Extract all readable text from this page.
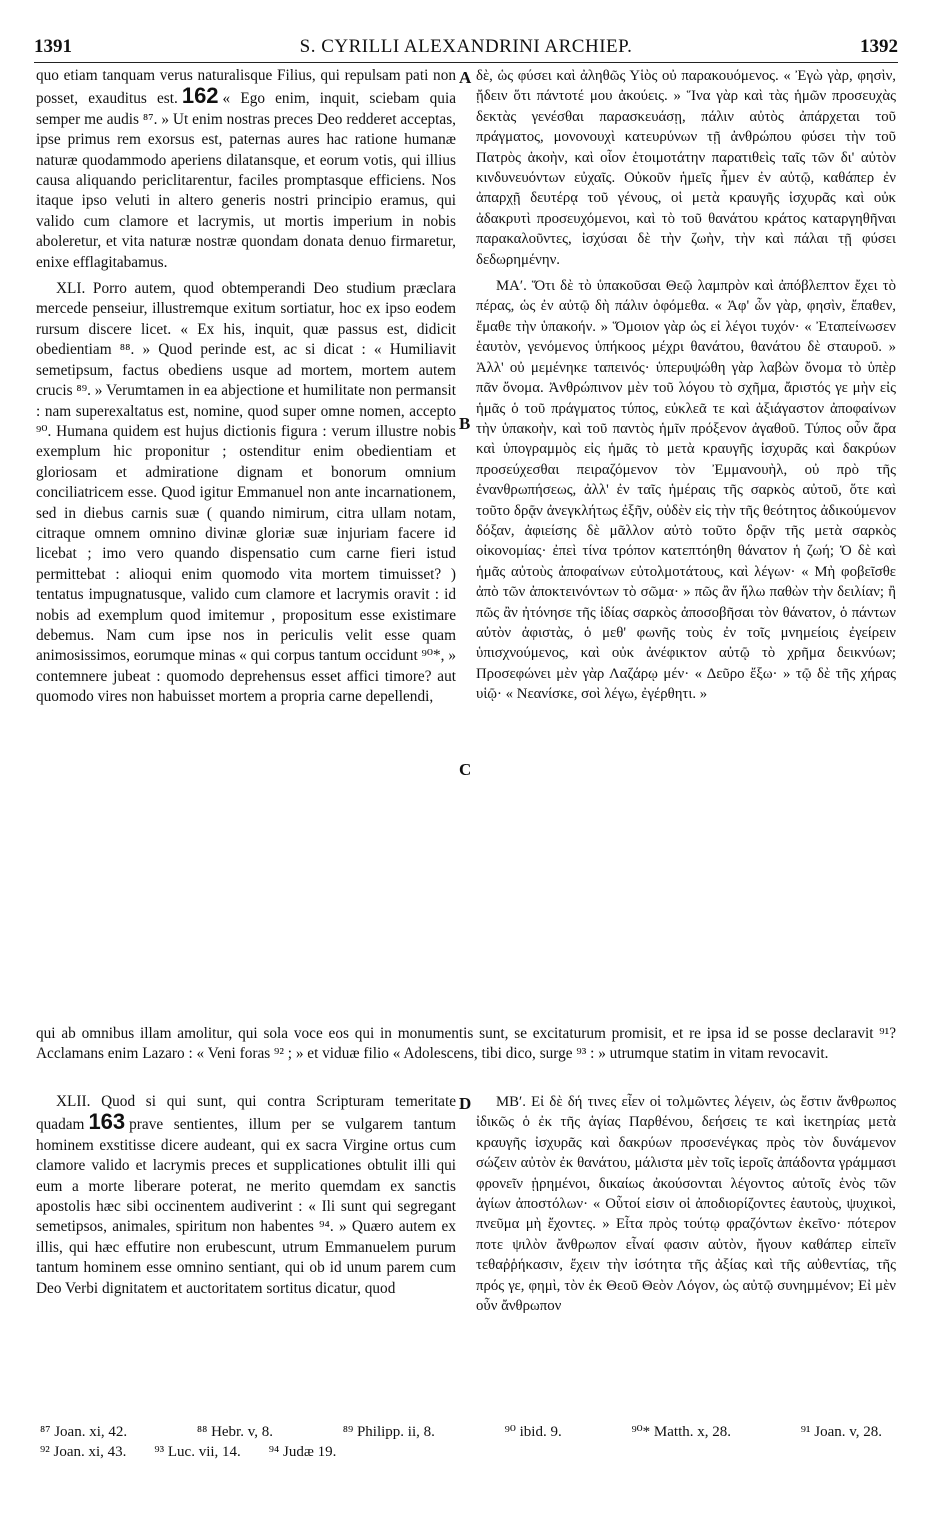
1391	S. CYRILLI ALEXANDRINI ARCHIEP.	1392

quo etiam tanquam verus naturalisque Filius, qui repulsam pati non posset, exauditus est. 162 « Ego enim, inquit, sciebam quia semper me audis ⁸⁷. » Ut enim nostras preces Deo redderet acceptas, ipse primus rem exorsus est, paternas aures hac ratione humanæ naturæ quodammodo aperiens dilatansque, et eorum votis, qui illius causa aliquando periclitarentur, faciles promptasque efficiens. Nos itaque ipso veluti in altero generis nostri principio eramus, qui valido cum clamore et lacrymis, ut mortis imperium in nobis aboleretur, et vita naturæ nostræ quondam donata denuo firmaretur, enixe efflagitabamus.

XLI. Porro autem, quod obtemperandi Deo studium præclara mercede penseiur, illustremque exitum sortiatur, hoc ex ipso eodem rursum discere licet. « Ex his, inquit, quæ passus est, didicit obedientiam ⁸⁸. » Quod perinde est, ac si dicat : « Humiliavit semetipsum, factus obediens usque ad mortem, mortem autem crucis ⁸⁹. » Verumtamen in ea abjectione et humilitate non permansit : nam superexaltatus est, nomine, quod super omne nomen, accepto ⁹⁰. Humana quidem est hujus dictionis figura : verum illustre nobis exemplum hic proponitur ; ostenditur enim obedientiam et gloriosam et admiratione dignam et bonorum omnium conciliatricem esse. Quod igitur Emmanuel non ante incarnationem, sed in diebus carnis suæ ( quando nimirum, citra ullam notam, citraque omnem omnino divinæ gloriæ suæ injuriam facere id licebat ; imo vero quando dispensatio cum carne fieri istud permittebat : alioqui enim quomodo vita mortem timuisset? ) tentatus impugnatusque, valido cum clamore et lacrymis oravit : id nobis ad exemplum quod imitemur , propositum esse existimare debemus. Nam cum ipse nos in periculis velit esse quam animosissimos, eorumque minas « qui corpus tantum occidunt ⁹⁰*, » contemnere jubeat : quomodo deprehensus esset affici timore? aut quomodo vires non habuisset mortem a propria carne depellendi,

δὲ, ὡς φύσει καὶ ἀληθῶς Υἱὸς οὐ παρακουόμενος. « Ἐγὼ γὰρ, φησὶν, ᾔδειν ὅτι πάντοτέ μου ἀκούεις. » Ἵνα γὰρ καὶ τὰς ἡμῶν προσευχὰς δεκτὰς γενέσθαι παρασκευάσῃ, πάλιν αὐτὸς ἀπάρχεται τοῦ πράγματος, μονονουχὶ κατευρύνων τῇ ἀνθρώπου φύσει τὴν τοῦ Πατρὸς ἀκοὴν, καὶ οἷον ἑτοιμοτάτην παρατιθεὶς ταῖς τῶν δι' αὐτὸν κινδυνευόντων εὐχαῖς. Οὐκοῦν ἡμεῖς ἦμεν ἐν αὐτῷ, καθάπερ ἐν ἀπαρχῇ δευτέρᾳ τοῦ γένους, οἱ μετὰ κραυγῆς ἰσχυρᾶς καὶ οὐκ ἀδακρυτὶ προσευχόμενοι, καὶ τὸ τοῦ θανάτου κράτος καταργηθῆναι παρακαλοῦντες, ἰσχύσαι δὲ τὴν ζωὴν, τὴν καὶ πάλαι τῇ φύσει δεδωρημένην.

ΜΑʹ. Ὅτι δὲ τὸ ὑπακοῦσαι Θεῷ λαμπρὸν καὶ ἀπόβλεπτον ἔχει τὸ πέρας, ὡς ἐν αὐτῷ δὴ πάλιν ὀφόμεθα. « Ἀφ' ὧν γὰρ, φησὶν, ἔπαθεν, ἔμαθε τὴν ὑπακοήν. » Ὅμοιον γὰρ ὡς εἰ λέγοι τυχόν· « Ἐταπείνωσεν ἑαυτὸν, γενόμενος ὑπήκοος μέχρι θανάτου, θανάτου δὲ σταυροῦ. » Ἀλλ' οὐ μεμένηκε ταπεινός· ὑπερυψώθη γὰρ λαβὼν ὄνομα τὸ ὑπὲρ πᾶν ὄνομα. Ἀνθρώπινον μὲν τοῦ λόγου τὸ σχῆμα, ἄριστός γε μὴν εἰς ἡμᾶς ὁ τοῦ πράγματος τύπος, εὐκλεᾶ τε καὶ ἀξιάγαστον ἀποφαίνων τὴν ὑπακοὴν, καὶ τοῦ παντὸς ἡμῖν πρόξενον ἀγαθοῦ. Τύπος οὖν ἄρα καὶ ὑπογραμμὸς εἰς ἡμᾶς τὸ μετὰ κραυγῆς ἰσχυρᾶς καὶ δακρύων προσεύχεσθαι πειραζόμενον τὸν Ἐμμανουὴλ, οὐ πρὸ τῆς ἐνανθρωπήσεως, ἀλλ' ἐν ταῖς ἡμέραις τῆς σαρκὸς αὐτοῦ, ὅτε καὶ τοῦτο δρᾷν ἀνεγκλήτως ἐξῆν, οὐδὲν εἰς τὴν τῆς θεότητος ἀδικούμενον δόξαν, ἀφιείσης δὲ μᾶλλον αὐτὸ τοῦτο δρᾷν τῆς μετὰ σαρκὸς οἰκονομίας· ἐπεὶ τίνα τρόπον κατεπτόηθη θάνατον ἡ ζωή; Ὁ δὲ καὶ ἡμᾶς αὐτοὺς ἀποφαίνων εὐτολμοτάτους, καὶ λέγων· « Μὴ φοβεῖσθε ἀπὸ τῶν ἀποκτεινόντων τὸ σῶμα· » πῶς ἂν ἥλω παθὼν τὴν δειλίαν; ἢ πῶς ἂν ἠτόνησε τῆς ἰδίας σαρκὸς ἀποσοβῆσαι τὸν θάνατον, ὁ πάντων αὐτὸν ἀφιστὰς, ὁ μεθ' φωνῆς τοὺς ἐν τοῖς μνημείοις ἐγείρειν ὑπισχνούμενος, καὶ οὐκ ἀνέφικτον αὐτῷ τὸ χρῆμα δεικνύων; Προσεφώνει μὲν γὰρ Λαζάρῳ μέν· « Δεῦρο ἔξω· » τῷ δὲ τῆς χήρας υἱῷ· « Νεανίσκε, σοὶ λέγω, ἐγέρθητι. »

A
B
C
D
qui ab omnibus illam amolitur, qui sola voce eos qui in monumentis sunt, se excitaturum promisit, et re ipsa id se posse declaravit ⁹¹? Acclamans enim Lazaro : « Veni foras ⁹² ; » et viduæ filio « Adolescens, tibi dico, surge ⁹³ : » utrumque statim in vitam revocavit.

XLII. Quod si qui sunt, qui contra Scripturam temeritate quadam 163 prave sentientes, illum per se vulgarem tantum hominem exstitisse dicere audeant, qui ex sacra Virgine ortus cum clamore valido et lacrymis preces et supplicationes obtulit illi qui eum a morte liberare poterat, ne merito quemdam ex sanctis apostolis hæc sibi occinentem audiverint : « Ili sunt qui segregant semetipsos, animales, spiritum non habentes ⁹⁴. » Quæro autem ex illis, qui hæc effutire non erubescunt, utrum Emmanuelem purum tantum hominem esse omnino sentiant, qui ob id unum parem cum Deo Verbi dignitatem et auctoritatem sortitus dicatur, quod

ΜΒʹ. Εἰ δὲ δή τινες εἶεν οἱ τολμῶντες λέγειν, ὡς ἔστιν ἄνθρωπος ἰδικῶς ὁ ἐκ τῆς ἁγίας Παρθένου, δεήσεις τε καὶ ἱκετηρίας μετὰ κραυγῆς ἰσχυρᾶς καὶ δακρύων προσενέγκας πρὸς τὸν δυνάμενον σώζειν αὐτὸν ἐκ θανάτου, μάλιστα μὲν τοῖς ἱεροῖς ἀπάδοντα γράμμασι φρονεῖν ᾑρημένοι, δικαίως ἀκούσονται λέγοντος αὐτοῖς ἑνὸς τῶν ἁγίων ἀποστόλων· « Οὗτοί εἰσιν οἱ ἀποδιορίζοντες ἑαυτοὺς, ψυχικοὶ, πνεῦμα μὴ ἔχοντες. » Εἶτα πρὸς τούτῳ φραζόντων ἐκεῖνο· πότερον ποτε ψιλὸν ἄνθρωπον εἶναί φασιν αὐτὸν, ἤγουν καθάπερ εἰπεῖν τεθαῤῥήκασιν, ἔχειν τὴν ἰσότητα τῆς ἀξίας καὶ τῆς αὐθεντίας, τῆς πρός γε, φημὶ, τὸν ἐκ Θεοῦ Θεὸν Λόγον, ὡς αὐτῷ συνημμένον; Εἰ μὲν οὖν ἄνθρωπον

⁸⁷ Joan. xi, 42.	⁸⁸ Hebr. v, 8.	⁸⁹ Philipp. ii, 8.	⁹⁰ ibid. 9.	⁹⁰* Matth. x, 28.	⁹¹ Joan. v, 28.
⁹² Joan. xi, 43. ⁹³ Luc. vii, 14. ⁹⁴ Judæ 19.
